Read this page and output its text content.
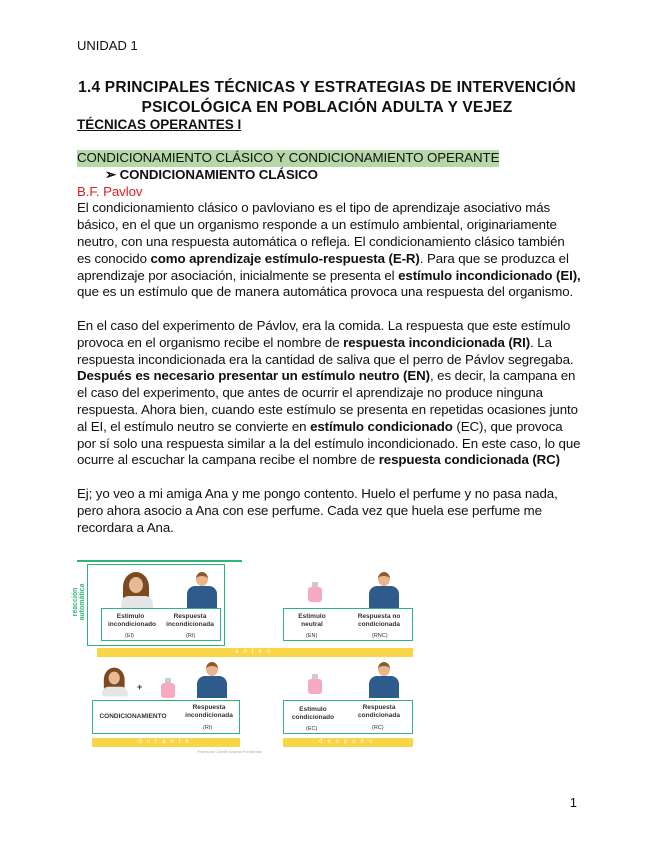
UNIDAD 1
1.4 PRINCIPALES TÉCNICAS Y ESTRATEGIAS DE INTERVENCIÓN PSICOLÓGICA EN POBLACIÓN ADULTA Y VEJEZ
TÉCNICAS OPERANTES I

CONDICIONAMIENTO CLÁSICO Y CONDICIONAMIENTO OPERANTE

➢ CONDICIONAMIENTO CLÁSICO

B.F. Pavlov

El condicionamiento clásico o pavloviano es el tipo de aprendizaje asociativo más básico, en el que un organismo responde a un estímulo ambiental, originariamente neutro, con una respuesta automática o refleja. El condicionamiento clásico también es conocido como aprendizaje estímulo-respuesta (E-R). Para que se produzca el aprendizaje por asociación, inicialmente se presenta el estímulo incondicionado (EI), que es un estímulo que de manera automática provoca una respuesta del organismo.

En el caso del experimento de Pávlov, era la comida. La respuesta que este estímulo provoca en el organismo recibe el nombre de respuesta incondicionada (RI). La respuesta incondicionada era la cantidad de saliva que el perro de Pávlov segregaba. Después es necesario presentar un estímulo neutro (EN), es decir, la campana en el caso del experimento, que antes de ocurrir el aprendizaje no produce ninguna respuesta. Ahora bien, cuando este estímulo se presenta en repetidas ocasiones junto al EI, el estímulo neutro se convierte en estímulo condicionado (EC), que provoca por sí solo una respuesta similar a la del estímulo incondicionado. En este caso, lo que ocurre al escuchar la campana recibe el nombre de respuesta condicionada (RC)

Ej; yo veo a mi amiga Ana y me pongo contento. Huelo el perfume y no pasa nada, pero ahora asocio a Ana con ese perfume. Cada vez que huela ese perfume me recordara a Ana.

reacción automática	Estimulo incondicionado
(EI)
Respuesta incondicionada
(RI)
Estimulo neutral
(EN)
Respuesta no condicionada
(RNC)
antes
+
CONDICIONAMIENTO
Respuesta incondicionada
(RI)
durante
Estimulo condicionado
(EC)
Respuesta condicionada
(RC)
después
Profesora: Daniel Aranda Fernández
1
